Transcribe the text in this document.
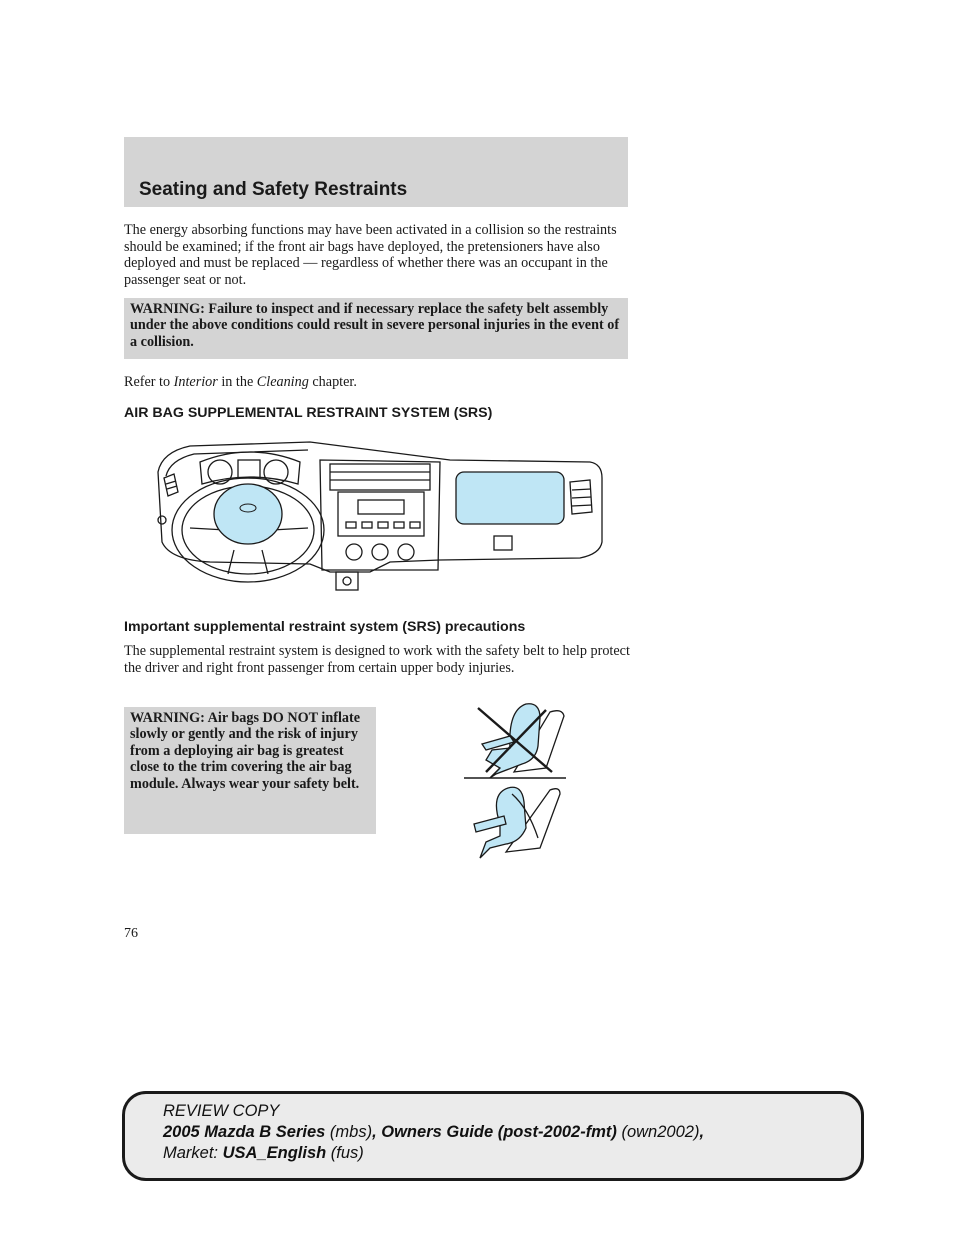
Seating and Safety Restraints

The energy absorbing functions may have been activated in a collision so the restraints should be examined; if the front air bags have deployed, the pretensioners have also deployed and must be replaced — regardless of whether there was an occupant in the passenger seat or not.

WARNING: Failure to inspect and if necessary replace the safety belt assembly under the above conditions could result in severe personal injuries in the event of a collision.

Refer to Interior in the Cleaning chapter.

AIR BAG SUPPLEMENTAL RESTRAINT SYSTEM (SRS)
Important supplemental restraint system (SRS) precautions

The supplemental restraint system is designed to work with the safety belt to help protect the driver and right front passenger from certain upper body injuries.

WARNING: Air bags DO NOT inflate slowly or gently and the risk of injury from a deploying air bag is greatest close to the trim covering the air bag module. Always wear your safety belt.
76
REVIEW COPY
2005 Mazda B Series (mbs), Owners Guide (post-2002-fmt) (own2002),
Market: USA_English (fus)
